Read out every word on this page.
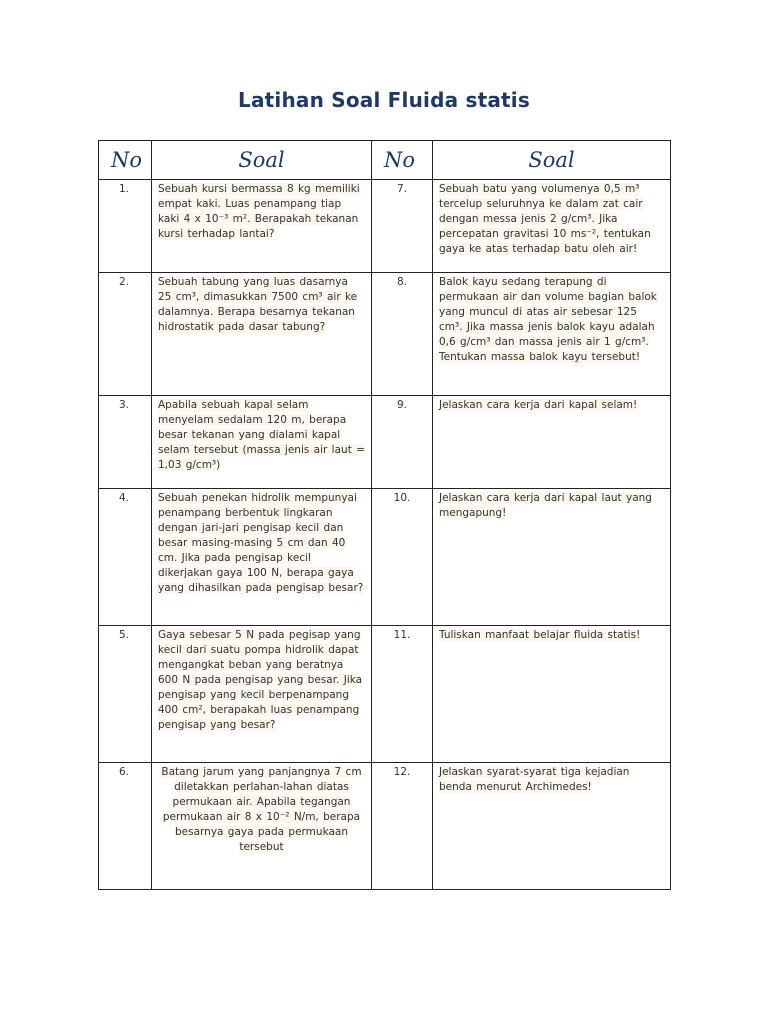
Latihan Soal Fluida statis
No	Soal	No	Soal
1.	Sebuah kursi bermassa 8 kg memiliki empat kaki. Luas penampang tiap kaki 4 x 10⁻³ m². Berapakah tekanan kursi terhadap lantai?	7.	Sebuah batu yang volumenya 0,5 m³ tercelup seluruhnya ke dalam zat cair dengan messa jenis 2 g/cm³. Jika percepatan gravitasi 10 ms⁻², tentukan gaya ke atas terhadap batu oleh air!
2.	Sebuah tabung yang luas dasarnya 25 cm³, dimasukkan 7500 cm³ air ke dalamnya. Berapa besarnya tekanan hidrostatik pada dasar tabung?	8.	Balok kayu sedang terapung di permukaan air dan volume bagian balok yang muncul di atas air sebesar 125 cm³. Jika massa jenis balok kayu adalah 0,6 g/cm³ dan massa jenis air 1 g/cm³. Tentukan massa balok kayu tersebut!
3.	Apabila sebuah kapal selam menyelam sedalam 120 m, berapa besar tekanan yang dialami kapal selam tersebut (massa jenis air laut = 1,03 g/cm³)	9.	Jelaskan cara kerja dari kapal selam!
4.	Sebuah penekan hidrolik mempunyai penampang berbentuk lingkaran dengan jari-jari pengisap kecil dan besar masing-masing 5 cm dan 40 cm. Jika pada pengisap kecil dikerjakan gaya 100 N, berapa gaya yang dihasilkan pada pengisap besar?	10.	Jelaskan cara kerja dari kapal laut yang mengapung!
5.	Gaya sebesar 5 N pada pegisap yang kecil dari suatu pompa hidrolik dapat mengangkat beban yang beratnya 600 N pada pengisap yang besar. Jika pengisap yang kecil berpenampang 400 cm², berapakah luas penampang pengisap yang besar?	11.	Tuliskan manfaat belajar fluida statis!
6.	Batang jarum yang panjangnya 7 cm diletakkan perlahan-lahan diatas permukaan air. Apabila tegangan permukaan air 8 x 10⁻² N/m, berapa besarnya gaya pada permukaan tersebut	12.	Jelaskan syarat-syarat tiga kejadian benda menurut Archimedes!
